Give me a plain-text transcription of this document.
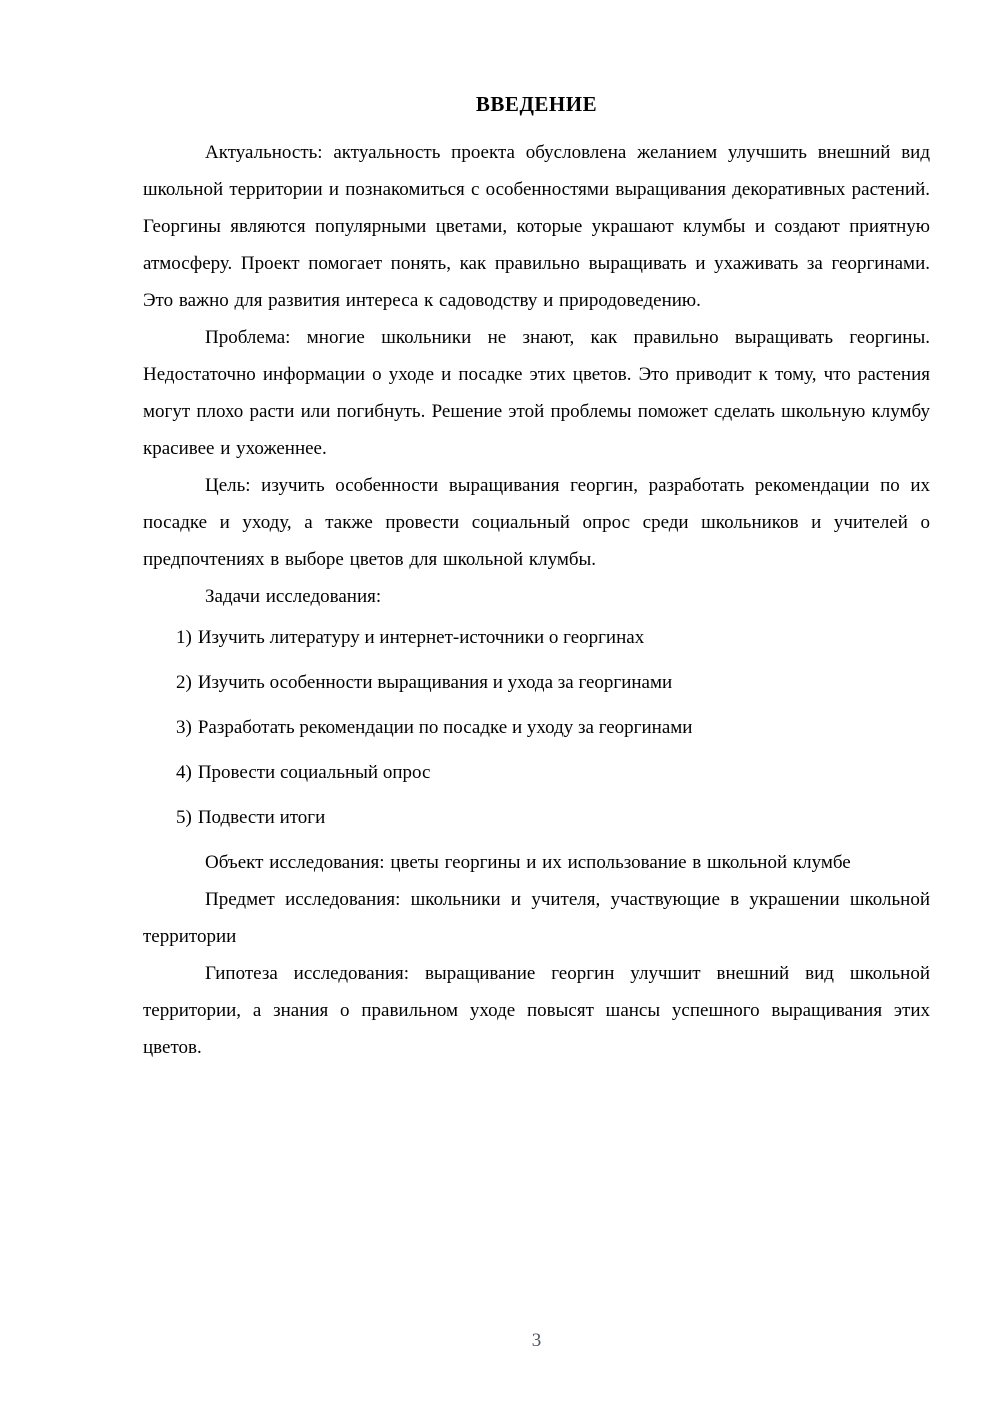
ВВЕДЕНИЕ

Актуальность: актуальность проекта обусловлена желанием улучшить внешний вид школьной территории и познакомиться с особенностями выращивания декоративных растений. Георгины являются популярными цветами, которые украшают клумбы и создают приятную атмосферу. Проект помогает понять, как правильно выращивать и ухаживать за георгинами. Это важно для развития интереса к садоводству и природоведению.

Проблема: многие школьники не знают, как правильно выращивать георгины. Недостаточно информации о уходе и посадке этих цветов. Это приводит к тому, что растения могут плохо расти или погибнуть. Решение этой проблемы поможет сделать школьную клумбу красивее и ухоженнее.

Цель: изучить особенности выращивания георгин, разработать рекомендации по их посадке и уходу, а также провести социальный опрос среди школьников и учителей о предпочтениях в выборе цветов для школьной клумбы.

Задачи исследования:

1) Изучить литературу и интернет-источники о георгинах
2) Изучить особенности выращивания и ухода за георгинами
3) Разработать рекомендации по посадке и уходу за георгинами
4) Провести социальный опрос
5) Подвести итоги

Объект исследования: цветы георгины и их использование в школьной клумбе

Предмет исследования: школьники и учителя, участвующие в украшении школьной территории

Гипотеза исследования: выращивание георгин улучшит внешний вид школьной территории, а знания о правильном уходе повысят шансы успешного выращивания этих цветов.

3
